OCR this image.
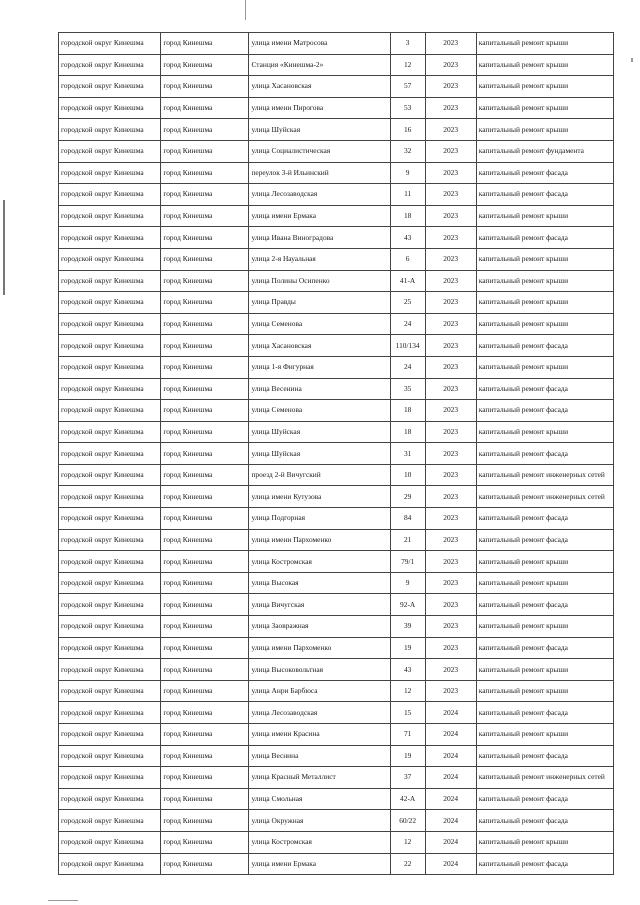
городской округ Кинешма	город Кинешма	улица имени Матросова	3	2023	капитальный ремонт крыши
городской округ Кинешма	город Кинешма	Станция «Кинешма-2»	12	2023	капитальный ремонт крыши
городской округ Кинешма	город Кинешма	улица Хасановская	57	2023	капитальный ремонт крыши
городской округ Кинешма	город Кинешма	улица имени Пирогова	53	2023	капитальный ремонт крыши
городской округ Кинешма	город Кинешма	улица Шуйская	16	2023	капитальный ремонт крыши
городской округ Кинешма	город Кинешма	улица Социалистическая	32	2023	капитальный ремонт фундамента
городской округ Кинешма	город Кинешма	переулок 3-й Ильинский	9	2023	капитальный ремонт фасада
городской округ Кинешма	город Кинешма	улица Лесозаводская	11	2023	капитальный ремонт фасада
городской округ Кинешма	город Кинешма	улица имени Ермака	18	2023	капитальный ремонт крыши
городской округ Кинешма	город Кинешма	улица Ивана Виноградова	43	2023	капитальный ремонт фасада
городской округ Кинешма	город Кинешма	улица 2-я Науальная	6	2023	капитальный ремонт крыши
городской округ Кинешма	город Кинешма	улица Полины Осипенко	41-А	2023	капитальный ремонт крыши
городской округ Кинешма	город Кинешма	улица Правды	25	2023	капитальный ремонт крыши
городской округ Кинешма	город Кинешма	улица Семенова	24	2023	капитальный ремонт крыши
городской округ Кинешма	город Кинешма	улица Хасановская	110/134	2023	капитальный ремонт фасада
городской округ Кинешма	город Кинешма	улица 1-я Фигурная	24	2023	капитальный ремонт крыши
городской округ Кинешма	город Кинешма	улица Весенина	35	2023	капитальный ремонт фасада
городской округ Кинешма	город Кинешма	улица Семенова	18	2023	капитальный ремонт фасада
городской округ Кинешма	город Кинешма	улица Шуйская	18	2023	капитальный ремонт крыши
городской округ Кинешма	город Кинешма	улица Шуйская	31	2023	капитальный ремонт фасада
городской округ Кинешма	город Кинешма	проезд 2-й Вичугский	10	2023	капитальный ремонт инженерных сетей
городской округ Кинешма	город Кинешма	улица имени Кутузова	29	2023	капитальный ремонт инженерных сетей
городской округ Кинешма	город Кинешма	улица Подгорная	84	2023	капитальный ремонт фасада
городской округ Кинешма	город Кинешма	улица имени Пархоменко	21	2023	капитальный ремонт фасада
городской округ Кинешма	город Кинешма	улица Костромская	79/1	2023	капитальный ремонт крыши
городской округ Кинешма	город Кинешма	улица Высокая	9	2023	капитальный ремонт крыши
городской округ Кинешма	город Кинешма	улица Вичугская	92-А	2023	капитальный ремонт фасада
городской округ Кинешма	город Кинешма	улица Заовражная	39	2023	капитальный ремонт крыши
городской округ Кинешма	город Кинешма	улица имени Пархоменко	19	2023	капитальный ремонт фасада
городской округ Кинешма	город Кинешма	улица Высоковольтная	43	2023	капитальный ремонт крыши
городской округ Кинешма	город Кинешма	улица Анри Барбюса	12	2023	капитальный ремонт крыши
городской округ Кинешма	город Кинешма	улица Лесозаводская	15	2024	капитальный ремонт фасада
городской округ Кинешма	город Кинешма	улица имени Красина	71	2024	капитальный ремонт крыши
городской округ Кинешма	город Кинешма	улица Веснина	19	2024	капитальный ремонт фасада
городской округ Кинешма	город Кинешма	улица Красный Металлист	37	2024	капитальный ремонт инженерных сетей
городской округ Кинешма	город Кинешма	улица Смольная	42-А	2024	капитальный ремонт фасада
городской округ Кинешма	город Кинешма	улица Окружная	60/22	2024	капитальный ремонт фасада
городской округ Кинешма	город Кинешма	улица Костромская	12	2024	капитальный ремонт крыши
городской округ Кинешма	город Кинешма	улица имени Ермака	22	2024	капитальный ремонт фасада
